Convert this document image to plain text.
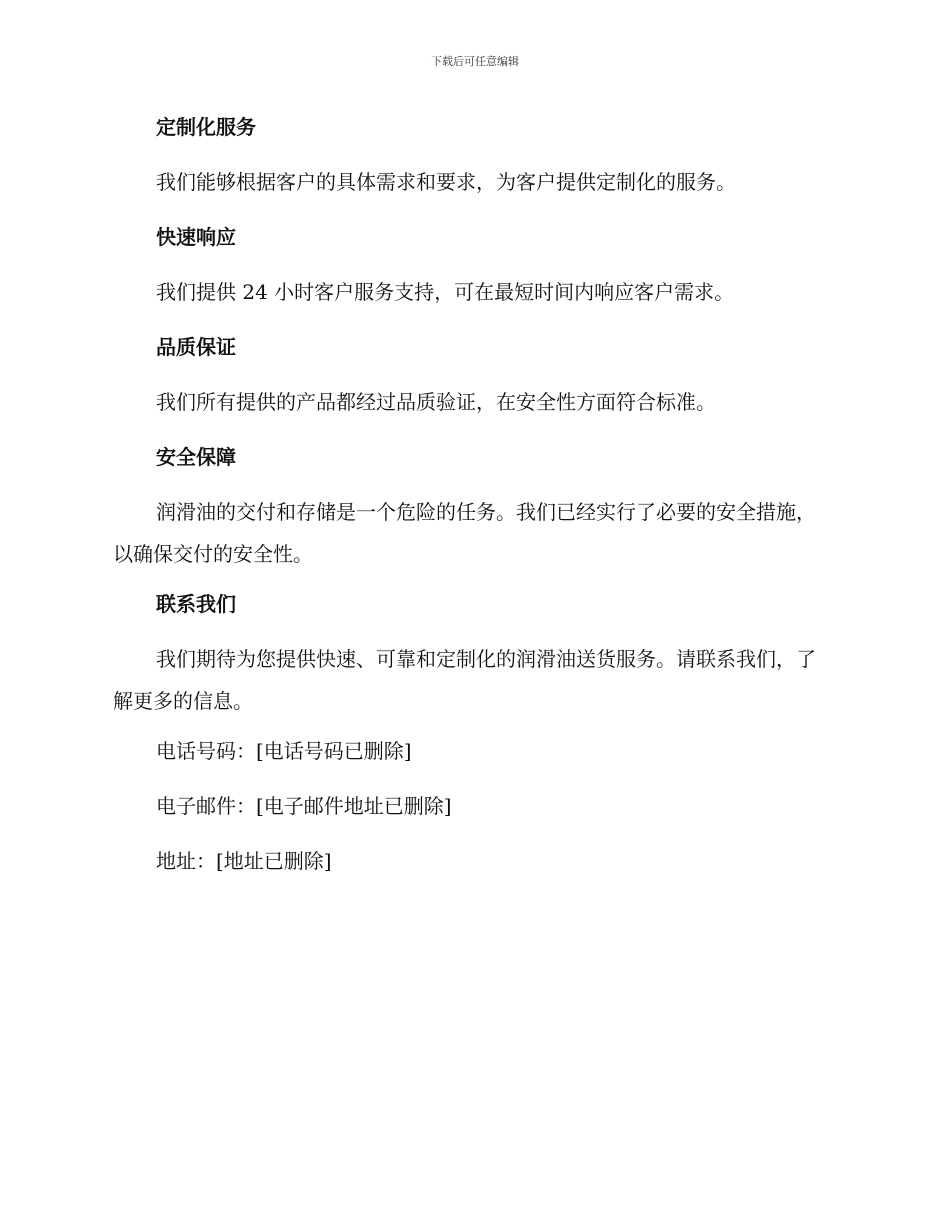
下载后可任意编辑
定制化服务

我们能够根据客户的具体需求和要求，为客户提供定制化的服务。

快速响应

我们提供 24 小时客户服务支持，可在最短时间内响应客户需求。

品质保证

我们所有提供的产品都经过品质验证，在安全性方面符合标准。

安全保障

润滑油的交付和存储是一个危险的任务。我们已经实行了必要的安全措施，以确保交付的安全性。

联系我们

我们期待为您提供快速、可靠和定制化的润滑油送货服务。请联系我们，了解更多的信息。

电话号码：[电话号码已删除]

电子邮件：[电子邮件地址已删除]

地址：[地址已删除]
